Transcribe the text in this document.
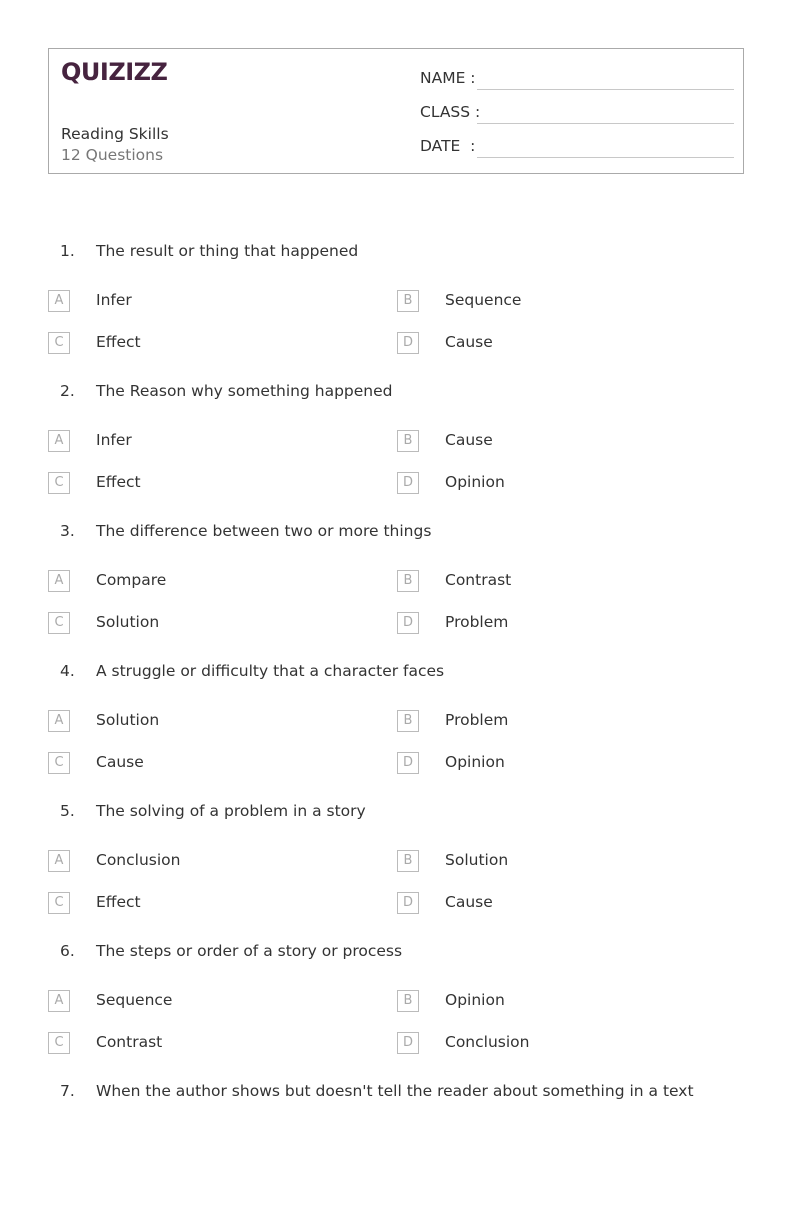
QUIZIZZ
Reading Skills
12 Questions
NAME :
CLASS :
DATE  :
1. The result or thing that happened
A	Infer	B	Sequence
C	Effect	D	Cause
2. The Reason why something happened
A	Infer	B	Cause
C	Effect	D	Opinion
3. The difference between two or more things
A	Compare	B	Contrast
C	Solution	D	Problem
4. A struggle or difficulty that a character faces
A	Solution	B	Problem
C	Cause	D	Opinion
5. The solving of a problem in a story
A	Conclusion	B	Solution
C	Effect	D	Cause
6. The steps or order of a story or process
A	Sequence	B	Opinion
C	Contrast	D	Conclusion
7. When the author shows but doesn't tell the reader about something in a text
